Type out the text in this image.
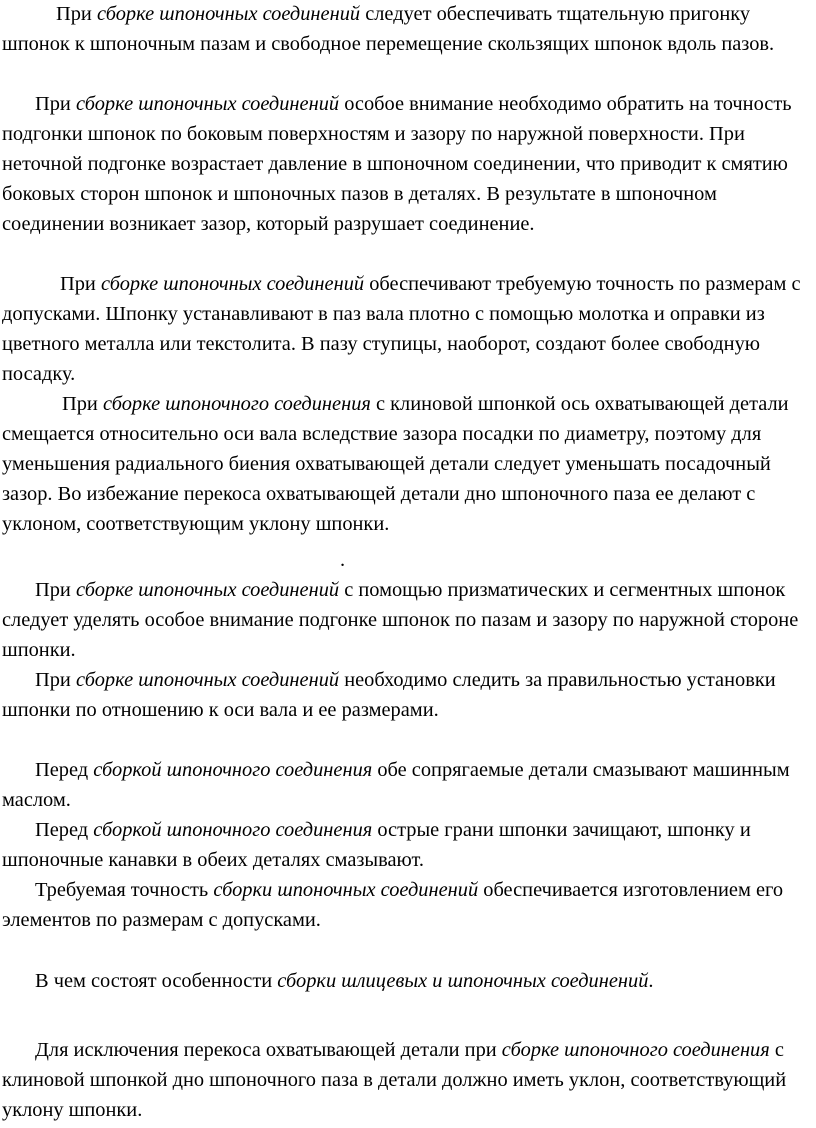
При сборке шпоночных соединений следует обеспечивать тщательную пригонку шпонок к шпоночным пазам и свободное перемещение скользящих шпонок вдоль пазов.

При сборке шпоночных соединений особое внимание необходимо обратить на точность подгонки шпонок по боковым поверхностям и зазору по наружной поверхности. При неточной подгонке возрастает давление в шпоночном соединении, что приводит к смятию боковых сторон шпонок и шпоночных пазов в деталях. В результате в шпоночном соединении возникает зазор, который разрушает соединение.

При сборке шпоночных соединений обеспечивают требуемую точность по размерам с допусками. Шпонку устанавливают в паз вала плотно с помощью молотка и оправки из цветного металла или текстолита. В пазу ступицы, наоборот, создают более свободную посадку.

При сборке шпоночного соединения с клиновой шпонкой ось охватывающей детали смещается относительно оси вала вследствие зазора посадки по диаметру, поэтому для уменьшения радиального биения охватывающей детали следует уменьшать посадочный зазор. Во избежание перекоса охватывающей детали дно шпоночного паза ее делают с уклоном, соответствующим уклону шпонки.

.

При сборке шпоночных соединений с помощью призматических и сегментных шпонок следует уделять особое внимание подгонке шпонок по пазам и зазору по наружной стороне шпонки.

При сборке шпоночных соединений необходимо следить за правильностью установки шпонки по отношению к оси вала и ее размерами.

Перед сборкой шпоночного соединения обе сопрягаемые детали смазывают машинным маслом.

Перед сборкой шпоночного соединения острые грани шпонки зачищают, шпонку и шпоночные канавки в обеих деталях смазывают.

Требуемая точность сборки шпоночных соединений обеспечивается изготовлением его элементов по размерам с допусками.

В чем состоят особенности сборки шлицевых и шпоночных соединений.

Для исключения перекоса охватывающей детали при сборке шпоночного соединения с клиновой шпонкой дно шпоночного паза в детали должно иметь уклон, соответствующий уклону шпонки.
